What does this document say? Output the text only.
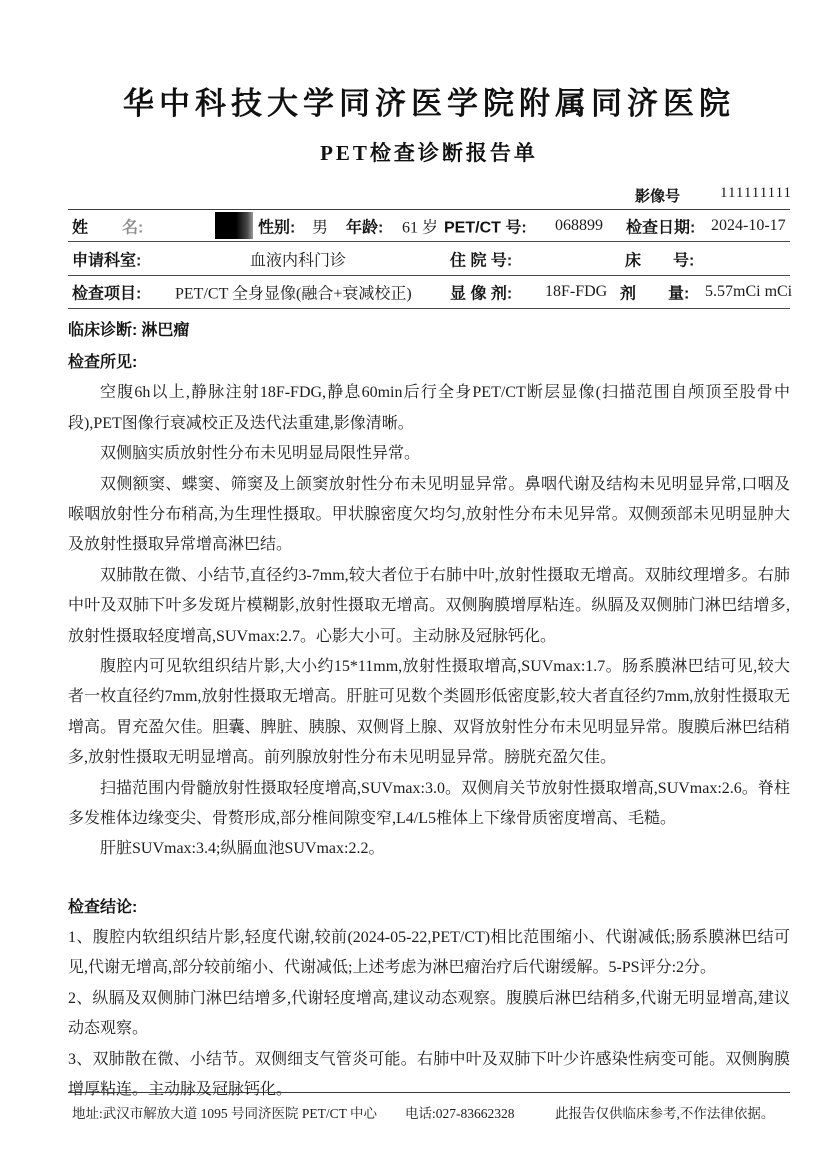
华中科技大学同济医学院附属同济医院
PET检查诊断报告单
影像号	111111111
姓 名:	性别: 男 年龄: 61 岁 PET/CT 号: 068899 检查日期: 2024-10-17
申请科室:	血液内科门诊	住 院 号:	床　　号:
检查项目: PET/CT 全身显像(融合+衰减校正) 显 像 剂: 18F-FDG 剂　　量: 5.57mCi mCi
临床诊断: 淋巴瘤
检查所见:

空腹6h以上,静脉注射18F-FDG,静息60min后行全身PET/CT断层显像(扫描范围自颅顶至股骨中段),PET图像行衰减校正及迭代法重建,影像清晰。

双侧脑实质放射性分布未见明显局限性异常。

双侧额窦、蝶窦、筛窦及上颌窦放射性分布未见明显异常。鼻咽代谢及结构未见明显异常,口咽及喉咽放射性分布稍高,为生理性摄取。甲状腺密度欠均匀,放射性分布未见异常。双侧颈部未见明显肿大及放射性摄取异常增高淋巴结。

双肺散在微、小结节,直径约3-7mm,较大者位于右肺中叶,放射性摄取无增高。双肺纹理增多。右肺中叶及双肺下叶多发斑片模糊影,放射性摄取无增高。双侧胸膜增厚粘连。纵膈及双侧肺门淋巴结增多,放射性摄取轻度增高,SUVmax:2.7。心影大小可。主动脉及冠脉钙化。

腹腔内可见软组织结片影,大小约15*11mm,放射性摄取增高,SUVmax:1.7。肠系膜淋巴结可见,较大者一枚直径约7mm,放射性摄取无增高。肝脏可见数个类圆形低密度影,较大者直径约7mm,放射性摄取无增高。胃充盈欠佳。胆囊、脾脏、胰腺、双侧肾上腺、双肾放射性分布未见明显异常。腹膜后淋巴结稍多,放射性摄取无明显增高。前列腺放射性分布未见明显异常。膀胱充盈欠佳。

扫描范围内骨髓放射性摄取轻度增高,SUVmax:3.0。双侧肩关节放射性摄取增高,SUVmax:2.6。脊柱多发椎体边缘变尖、骨赘形成,部分椎间隙变窄,L4/L5椎体上下缘骨质密度增高、毛糙。

肝脏SUVmax:3.4;纵膈血池SUVmax:2.2。

检查结论:

1、腹腔内软组织结片影,轻度代谢,较前(2024-05-22,PET/CT)相比范围缩小、代谢减低;肠系膜淋巴结可见,代谢无增高,部分较前缩小、代谢减低;上述考虑为淋巴瘤治疗后代谢缓解。5-PS评分:2分。

2、纵膈及双侧肺门淋巴结增多,代谢轻度增高,建议动态观察。腹膜后淋巴结稍多,代谢无明显增高,建议动态观察。

3、双肺散在微、小结节。双侧细支气管炎可能。右肺中叶及双肺下叶少许感染性病变可能。双侧胸膜增厚粘连。主动脉及冠脉钙化。

地址:武汉市解放大道 1095 号同济医院 PET/CT 中心 电话:027-83662328	此报告仅供临床参考,不作法律依据。
